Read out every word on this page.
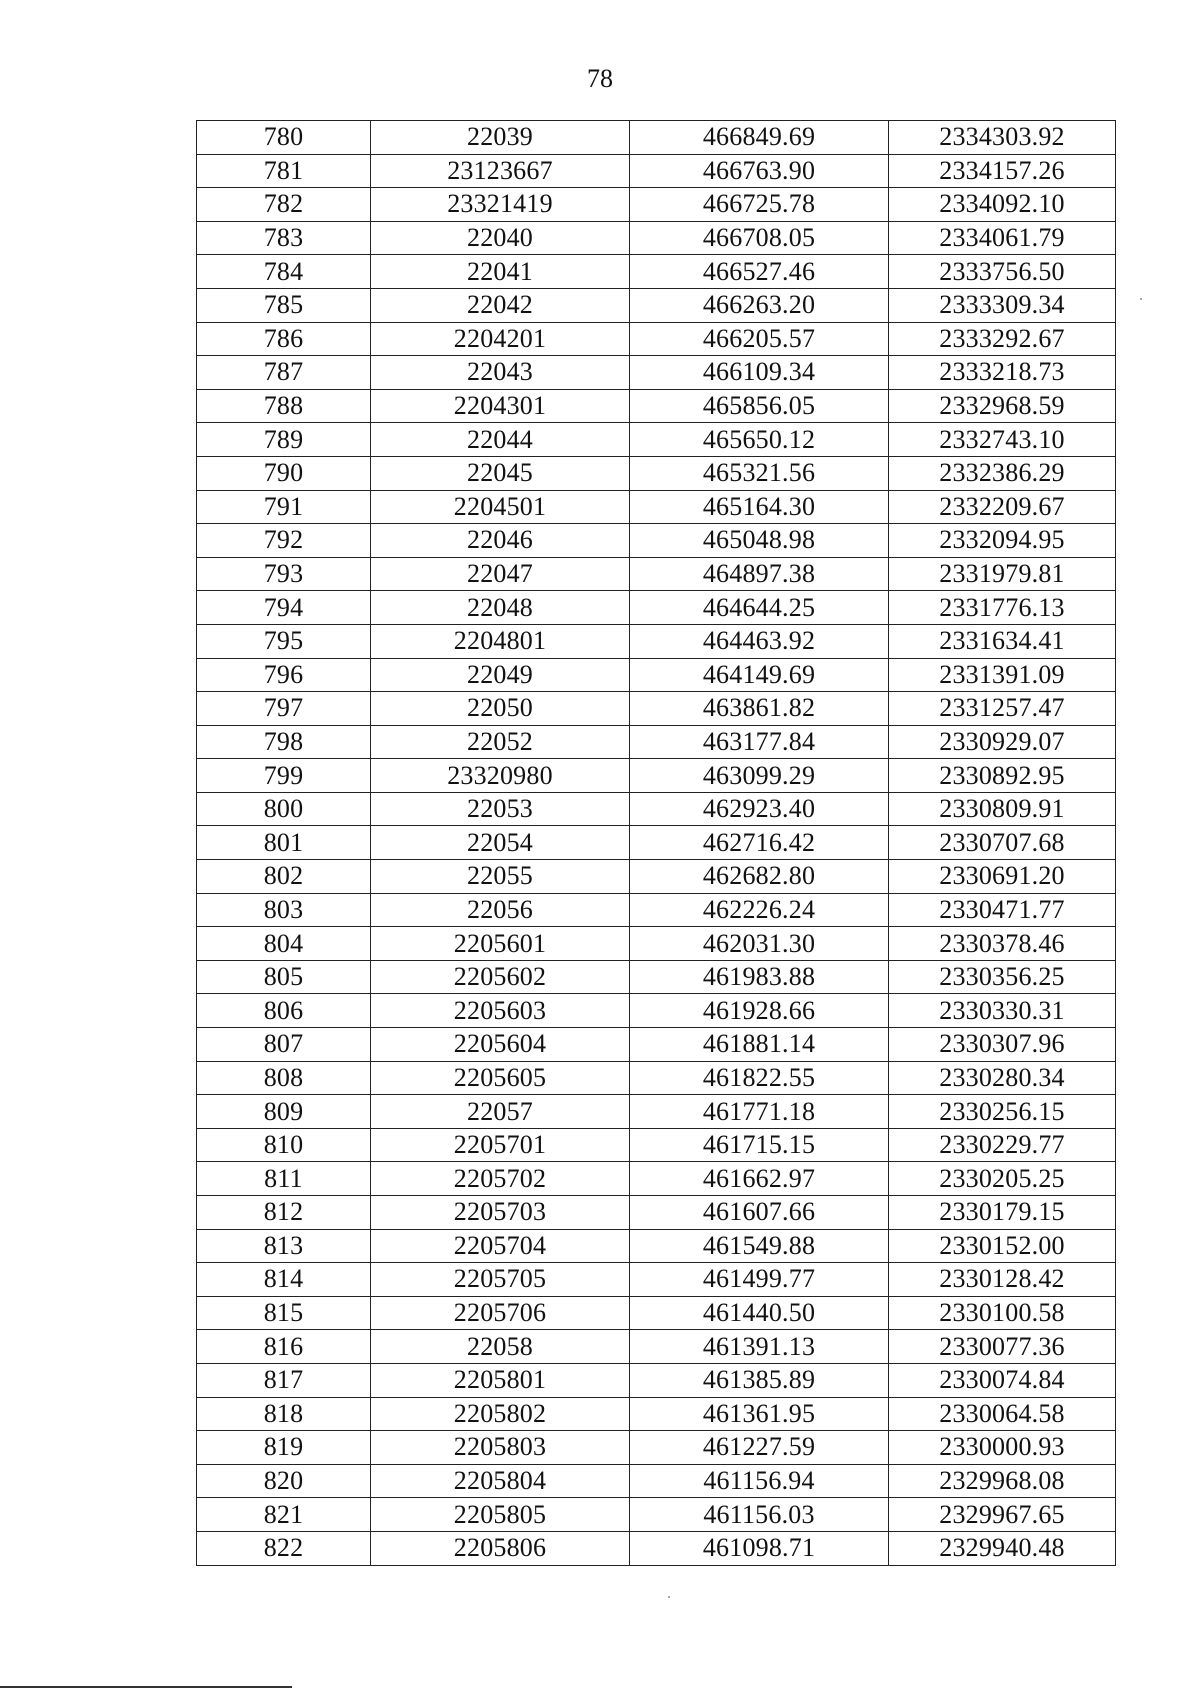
78
780	22039	466849.69	2334303.92
781	23123667	466763.90	2334157.26
782	23321419	466725.78	2334092.10
783	22040	466708.05	2334061.79
784	22041	466527.46	2333756.50
785	22042	466263.20	2333309.34
786	2204201	466205.57	2333292.67
787	22043	466109.34	2333218.73
788	2204301	465856.05	2332968.59
789	22044	465650.12	2332743.10
790	22045	465321.56	2332386.29
791	2204501	465164.30	2332209.67
792	22046	465048.98	2332094.95
793	22047	464897.38	2331979.81
794	22048	464644.25	2331776.13
795	2204801	464463.92	2331634.41
796	22049	464149.69	2331391.09
797	22050	463861.82	2331257.47
798	22052	463177.84	2330929.07
799	23320980	463099.29	2330892.95
800	22053	462923.40	2330809.91
801	22054	462716.42	2330707.68
802	22055	462682.80	2330691.20
803	22056	462226.24	2330471.77
804	2205601	462031.30	2330378.46
805	2205602	461983.88	2330356.25
806	2205603	461928.66	2330330.31
807	2205604	461881.14	2330307.96
808	2205605	461822.55	2330280.34
809	22057	461771.18	2330256.15
810	2205701	461715.15	2330229.77
811	2205702	461662.97	2330205.25
812	2205703	461607.66	2330179.15
813	2205704	461549.88	2330152.00
814	2205705	461499.77	2330128.42
815	2205706	461440.50	2330100.58
816	22058	461391.13	2330077.36
817	2205801	461385.89	2330074.84
818	2205802	461361.95	2330064.58
819	2205803	461227.59	2330000.93
820	2205804	461156.94	2329968.08
821	2205805	461156.03	2329967.65
822	2205806	461098.71	2329940.48
